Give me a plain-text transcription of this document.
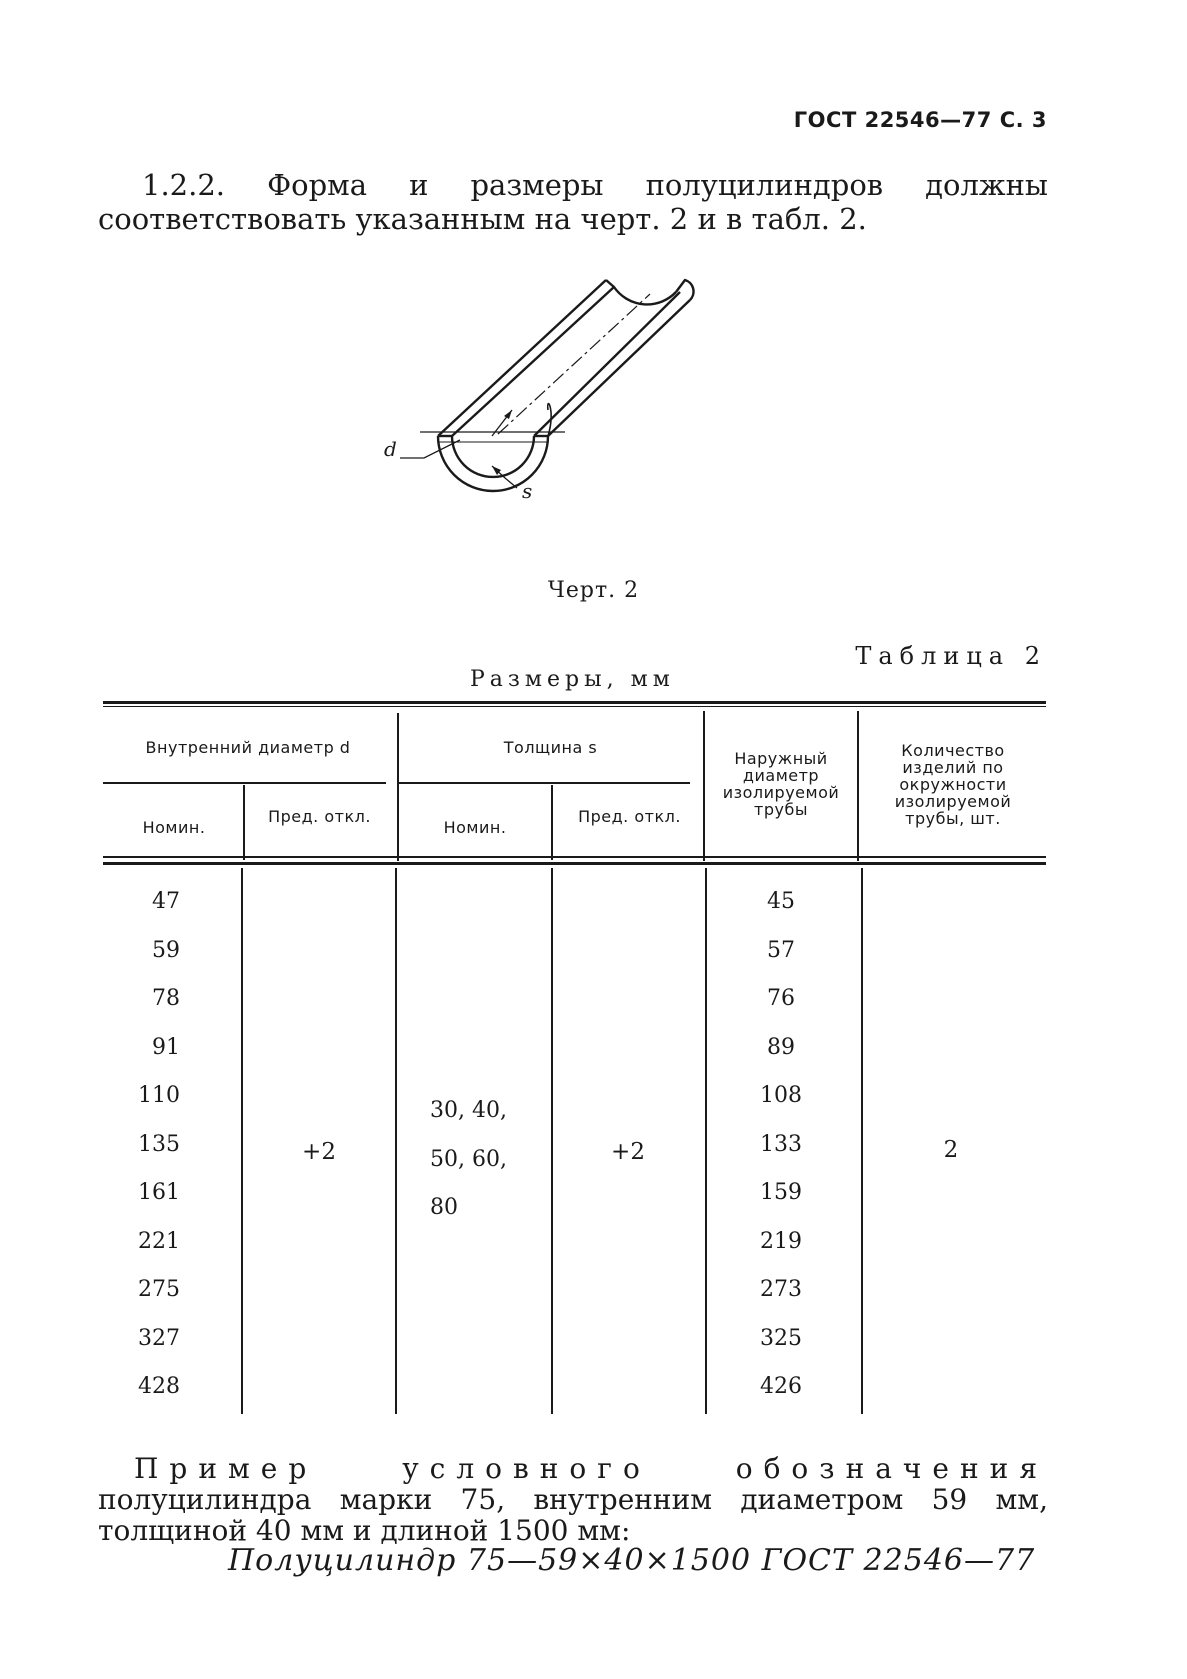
ГОСТ 22546—77 С. 3
1.2.2. Форма и размеры полуцилиндров должны соответствовать указанным на черт. 2 и в табл. 2.
d
s
Черт. 2
Таблица 2
Размеры, мм
Внутренний диаметр d	Толщина s
Номин.
Пред. откл.
Номин.
Пред. откл.
Наружный диаметр изолируемой трубы
Количество изделий по окружности изолируемой трубы, шт.
47
59
78
91
110
135
161
221
275
327
428
+2
30, 40,
50, 60,
80
+2
45
57
76
89
108
133
159
219
273
325
426
2
Пример условного обозначения полуцилиндра марки 75, внутренним диаметром 59 мм, толщиной 40 мм и длиной 1500 мм:
Полуцилиндр 75—59×40×1500 ГОСТ 22546—77
